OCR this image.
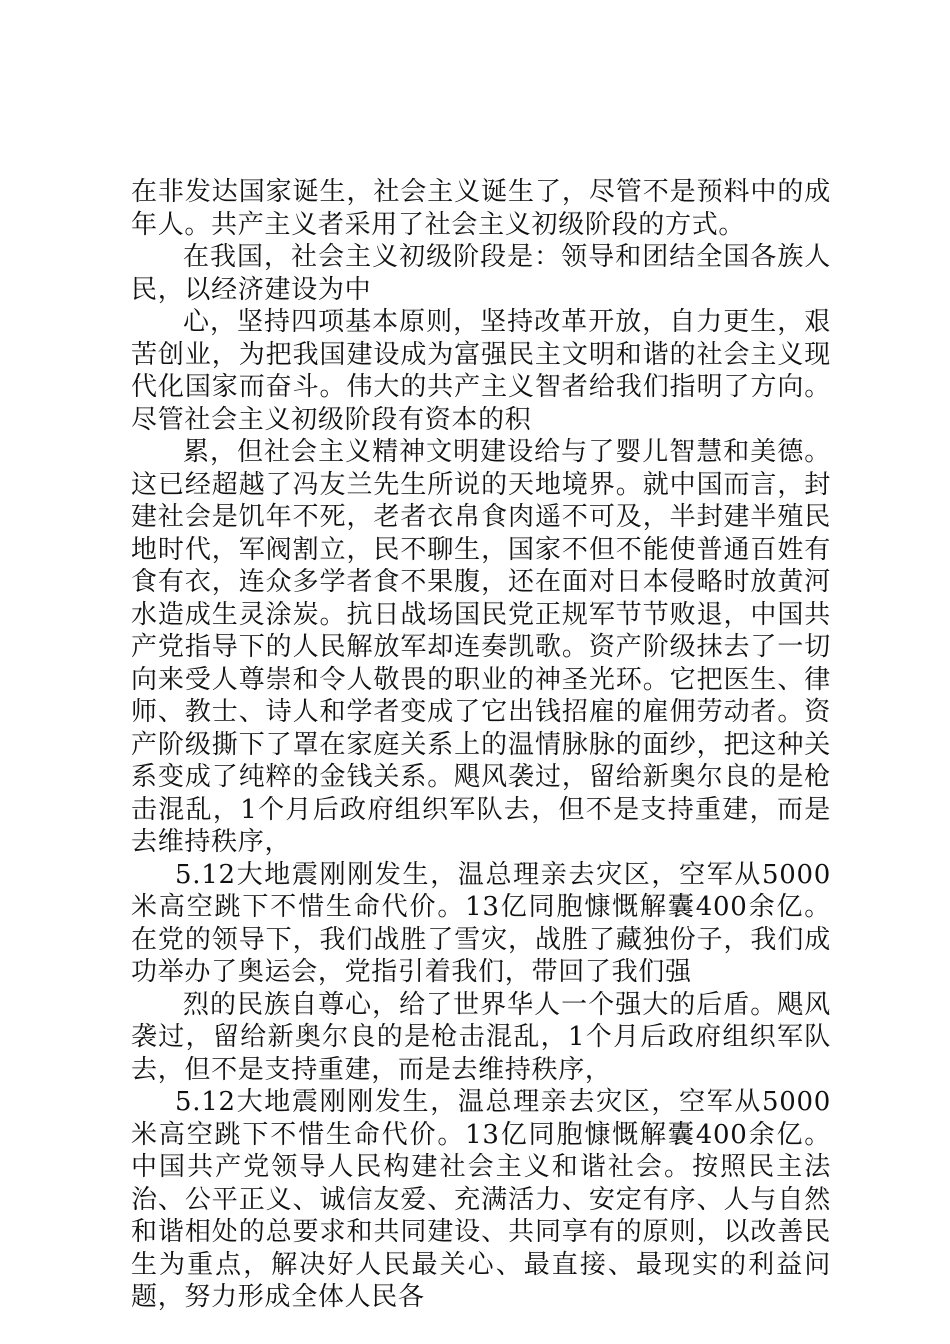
在非发达国家诞生，社会主义诞生了，尽管不是预料中的成年人。共产主义者采用了社会主义初级阶段的方式。

在我国，社会主义初级阶段是：领导和团结全国各族人民，以经济建设为中

心，坚持四项基本原则，坚持改革开放，自力更生，艰苦创业，为把我国建设成为富强民主文明和谐的社会主义现代化国家而奋斗。伟大的共产主义智者给我们指明了方向。尽管社会主义初级阶段有资本的积

累，但社会主义精神文明建设给与了婴儿智慧和美德。这已经超越了冯友兰先生所说的天地境界。就中国而言，封建社会是饥年不死，老者衣帛食肉遥不可及，半封建半殖民地时代，军阀割立，民不聊生，国家不但不能使普通百姓有食有衣，连众多学者食不果腹，还在面对日本侵略时放黄河水造成生灵涂炭。抗日战场国民党正规军节节败退，中国共产党指导下的人民解放军却连奏凯歌。资产阶级抹去了一切向来受人尊崇和令人敬畏的职业的神圣光环。它把医生、律师、教士、诗人和学者变成了它出钱招雇的雇佣劳动者。资产阶级撕下了罩在家庭关系上的温情脉脉的面纱，把这种关系变成了纯粹的金钱关系。飓风袭过，留给新奥尔良的是枪击混乱，1个月后政府组织军队去，但不是支持重建，而是去维持秩序，

5.12大地震刚刚发生，温总理亲去灾区，空军从5000米高空跳下不惜生命代价。13亿同胞慷慨解囊400余亿。在党的领导下，我们战胜了雪灾，战胜了藏独份子，我们成功举办了奥运会，党指引着我们，带回了我们强

烈的民族自尊心，给了世界华人一个强大的后盾。飓风袭过，留给新奥尔良的是枪击混乱，1个月后政府组织军队去，但不是支持重建，而是去维持秩序，

5.12大地震刚刚发生，温总理亲去灾区，空军从5000米高空跳下不惜生命代价。13亿同胞慷慨解囊400余亿。中国共产党领导人民构建社会主义和谐社会。按照民主法治、公平正义、诚信友爱、充满活力、安定有序、人与自然和谐相处的总要求和共同建设、共同享有的原则，以改善民生为重点，解决好人民最关心、最直接、最现实的利益问题，努力形成全体人民各
